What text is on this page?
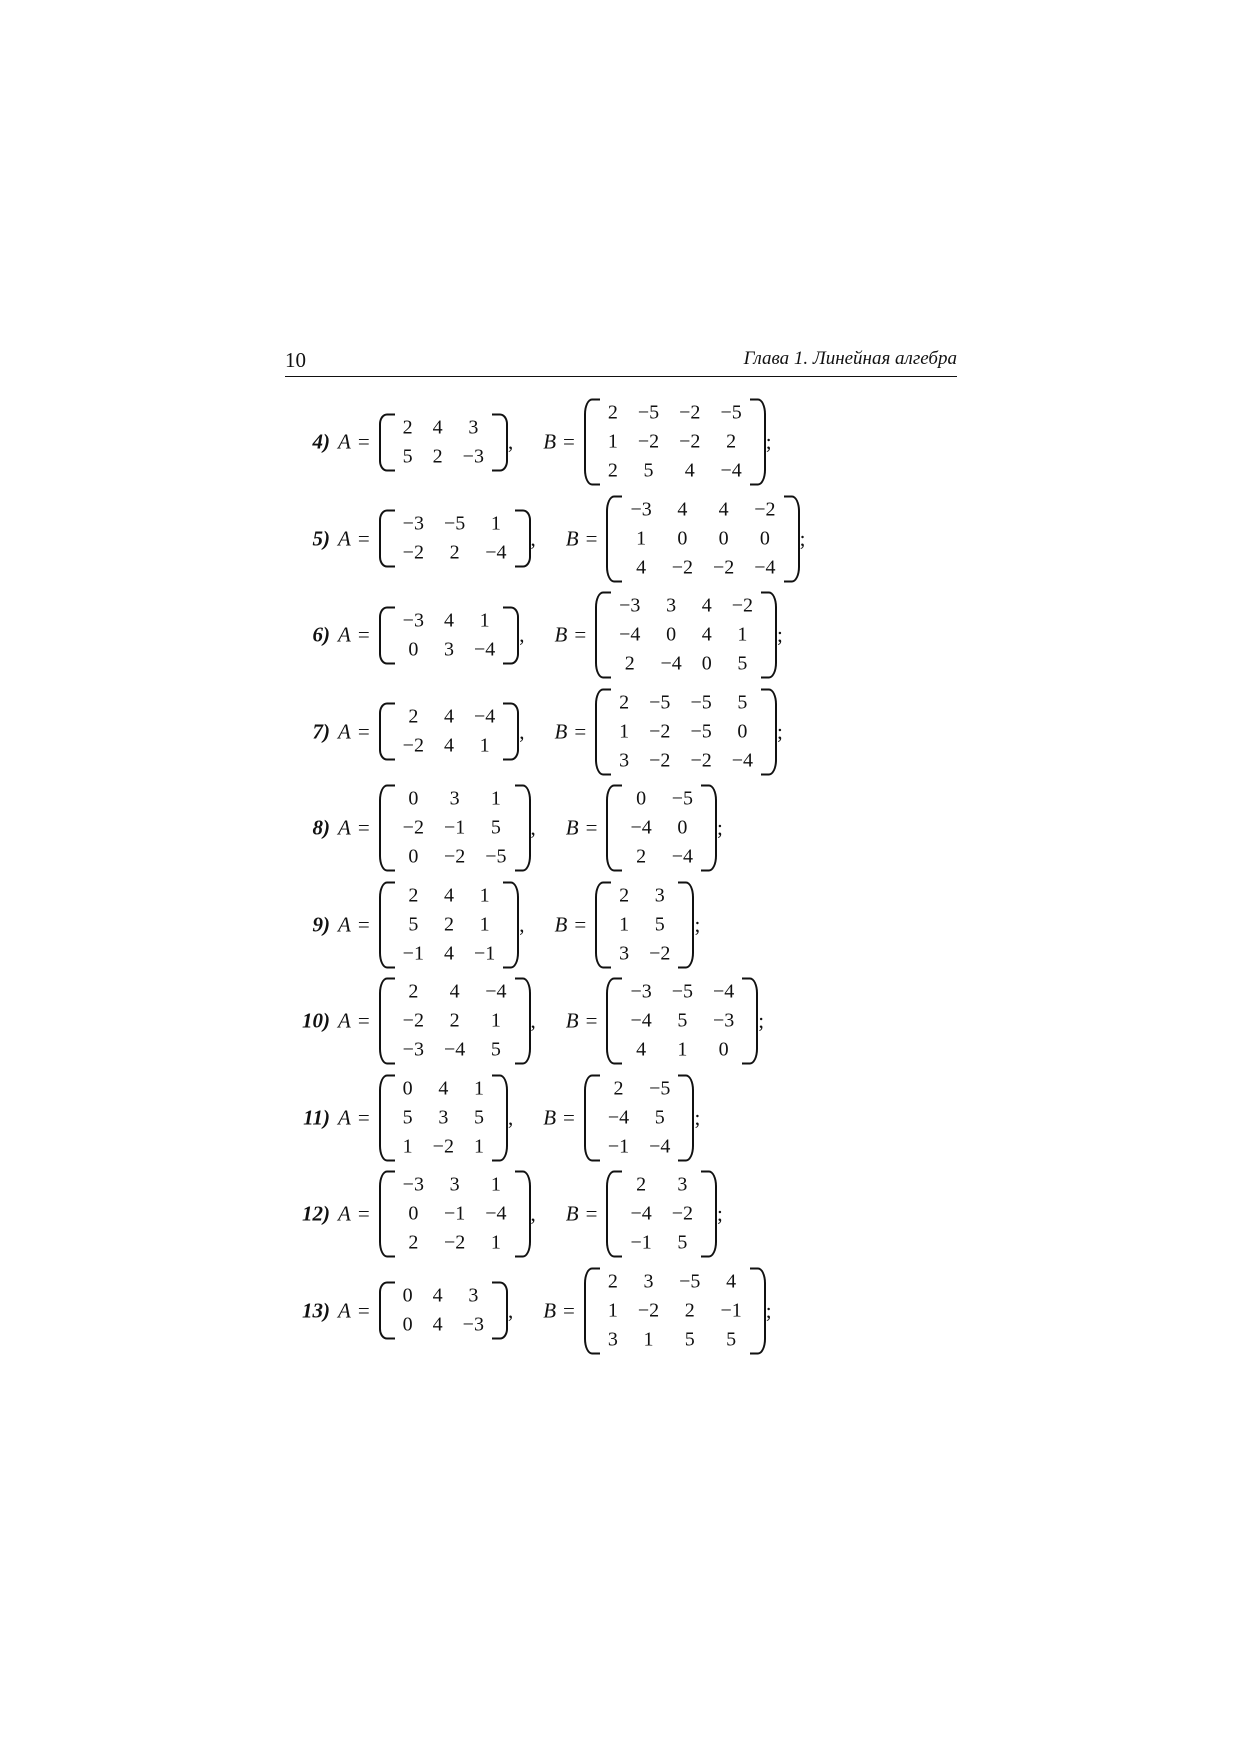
10	Глава 1. Линейная алгебра
4) A =
2	4	3
5	2	−3
, B =
2	−5	−2	−5
1	−2	−2	2
2	5	4	−4
;
5) A =
−3	−5	1
−2	2	−4
, B =
−3	4	4	−2
1	0	0	0
4	−2	−2	−4
;
6) A =
−3	4	1
0	3	−4
, B =
−3	3	4	−2
−4	0	4	1
2	−4	0	5
;
7) A =
2	4	−4
−2	4	1
, B =
2	−5	−5	5
1	−2	−5	0
3	−2	−2	−4
;
8) A =
0	3	1
−2	−1	5
0	−2	−5
, B =
0	−5
−4	0
2	−4
;
9) A =
2	4	1
5	2	1
−1	4	−1
, B =
2	3
1	5
3	−2
;
10) A =
2	4	−4
−2	2	1
−3	−4	5
, B =
−3	−5	−4
−4	5	−3
4	1	0
;
11) A =
0	4	1
5	3	5
1	−2	1
, B =
2	−5
−4	5
−1	−4
;
12) A =
−3	3	1
0	−1	−4
2	−2	1
, B =
2	3
−4	−2
−1	5
;
13) A =
0	4	3
0	4	−3
, B =
2	3	−5	4
1	−2	2	−1
3	1	5	5
;
